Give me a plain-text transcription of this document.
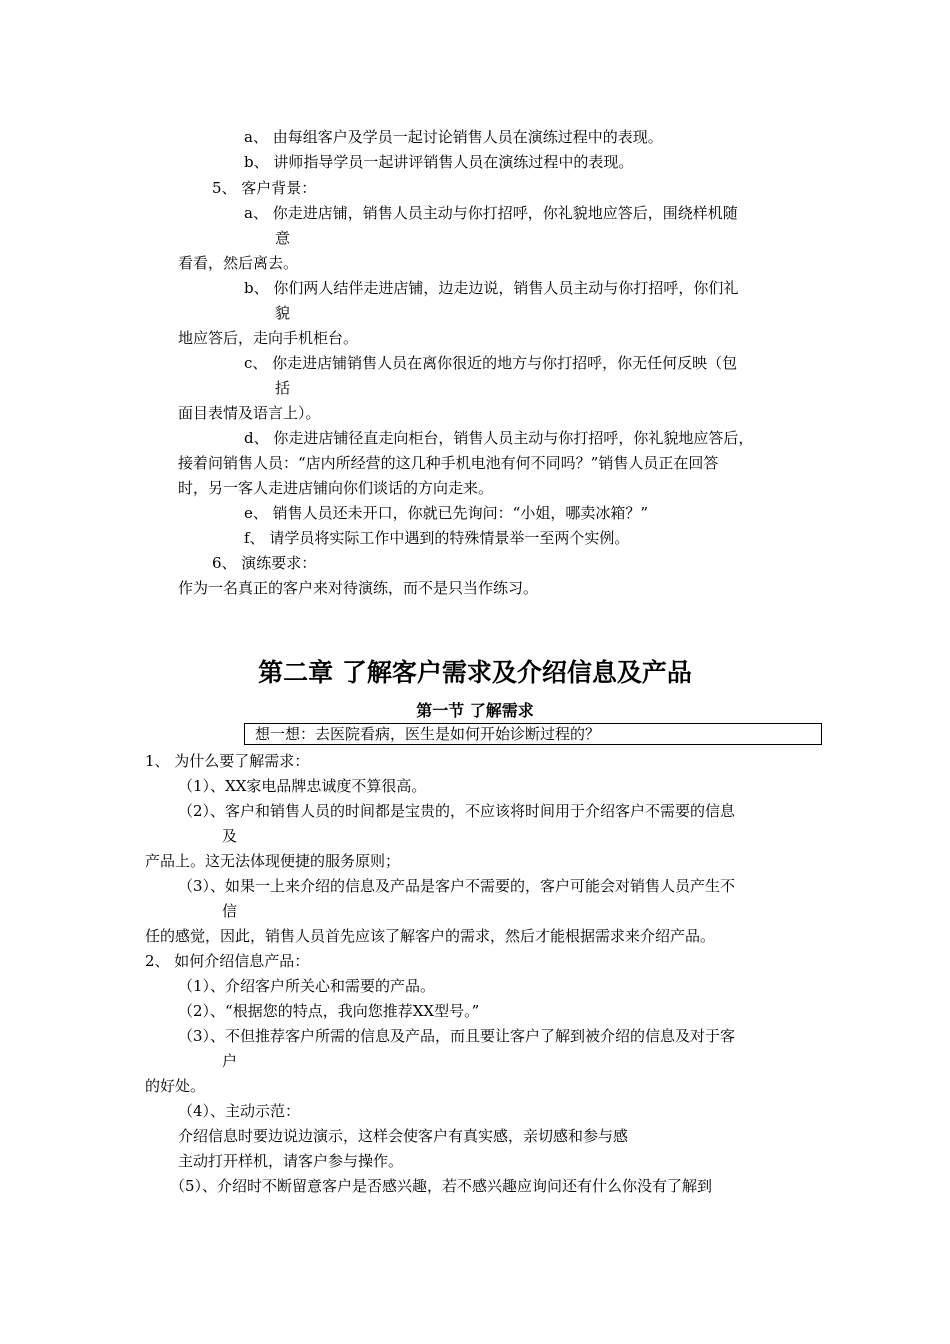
a、 由每组客户及学员一起讨论销售人员在演练过程中的表现。
b、 讲师指导学员一起讲评销售人员在演练过程中的表现。
5、 客户背景：
a、 你走进店铺，销售人员主动与你打招呼，你礼貌地应答后，围绕样机随
意
看看，然后离去。
b、 你们两人结伴走进店铺，边走边说，销售人员主动与你打招呼，你们礼
貌
地应答后，走向手机柜台。
c、 你走进店铺销售人员在离你很近的地方与你打招呼，你无任何反映（包
括
面目表情及语言上）。
d、 你走进店铺径直走向柜台，销售人员主动与你打招呼，你礼貌地应答后，
接着问销售人员：“店内所经营的这几种手机电池有何不同吗？”销售人员正在回答
时，另一客人走进店铺向你们谈话的方向走来。
e、 销售人员还未开口，你就已先询问：“小姐，哪卖冰箱？”
f、 请学员将实际工作中遇到的特殊情景举一至两个实例。
6、 演练要求：
作为一名真正的客户来对待演练，而不是只当作练习。
第二章 了解客户需求及介绍信息及产品
第一节 了解需求
想一想：去医院看病，医生是如何开始诊断过程的？
1、 为什么要了解需求：
（1）、XX家电品牌忠诚度不算很高。
（2）、客户和销售人员的时间都是宝贵的，不应该将时间用于介绍客户不需要的信息
及
产品上。这无法体现便捷的服务原则；
（3）、如果一上来介绍的信息及产品是客户不需要的，客户可能会对销售人员产生不
信
任的感觉，因此，销售人员首先应该了解客户的需求，然后才能根据需求来介绍产品。
2、 如何介绍信息产品：
（1）、介绍客户所关心和需要的产品。
（2）、“根据您的特点，我向您推荐XX型号。”
（3）、不但推荐客户所需的信息及产品，而且要让客户了解到被介绍的信息及对于客
户
的好处。
（4）、主动示范：
介绍信息时要边说边演示，这样会使客户有真实感，亲切感和参与感
主动打开样机，请客户参与操作。
（5）、介绍时不断留意客户是否感兴趣，若不感兴趣应询问还有什么你没有了解到
